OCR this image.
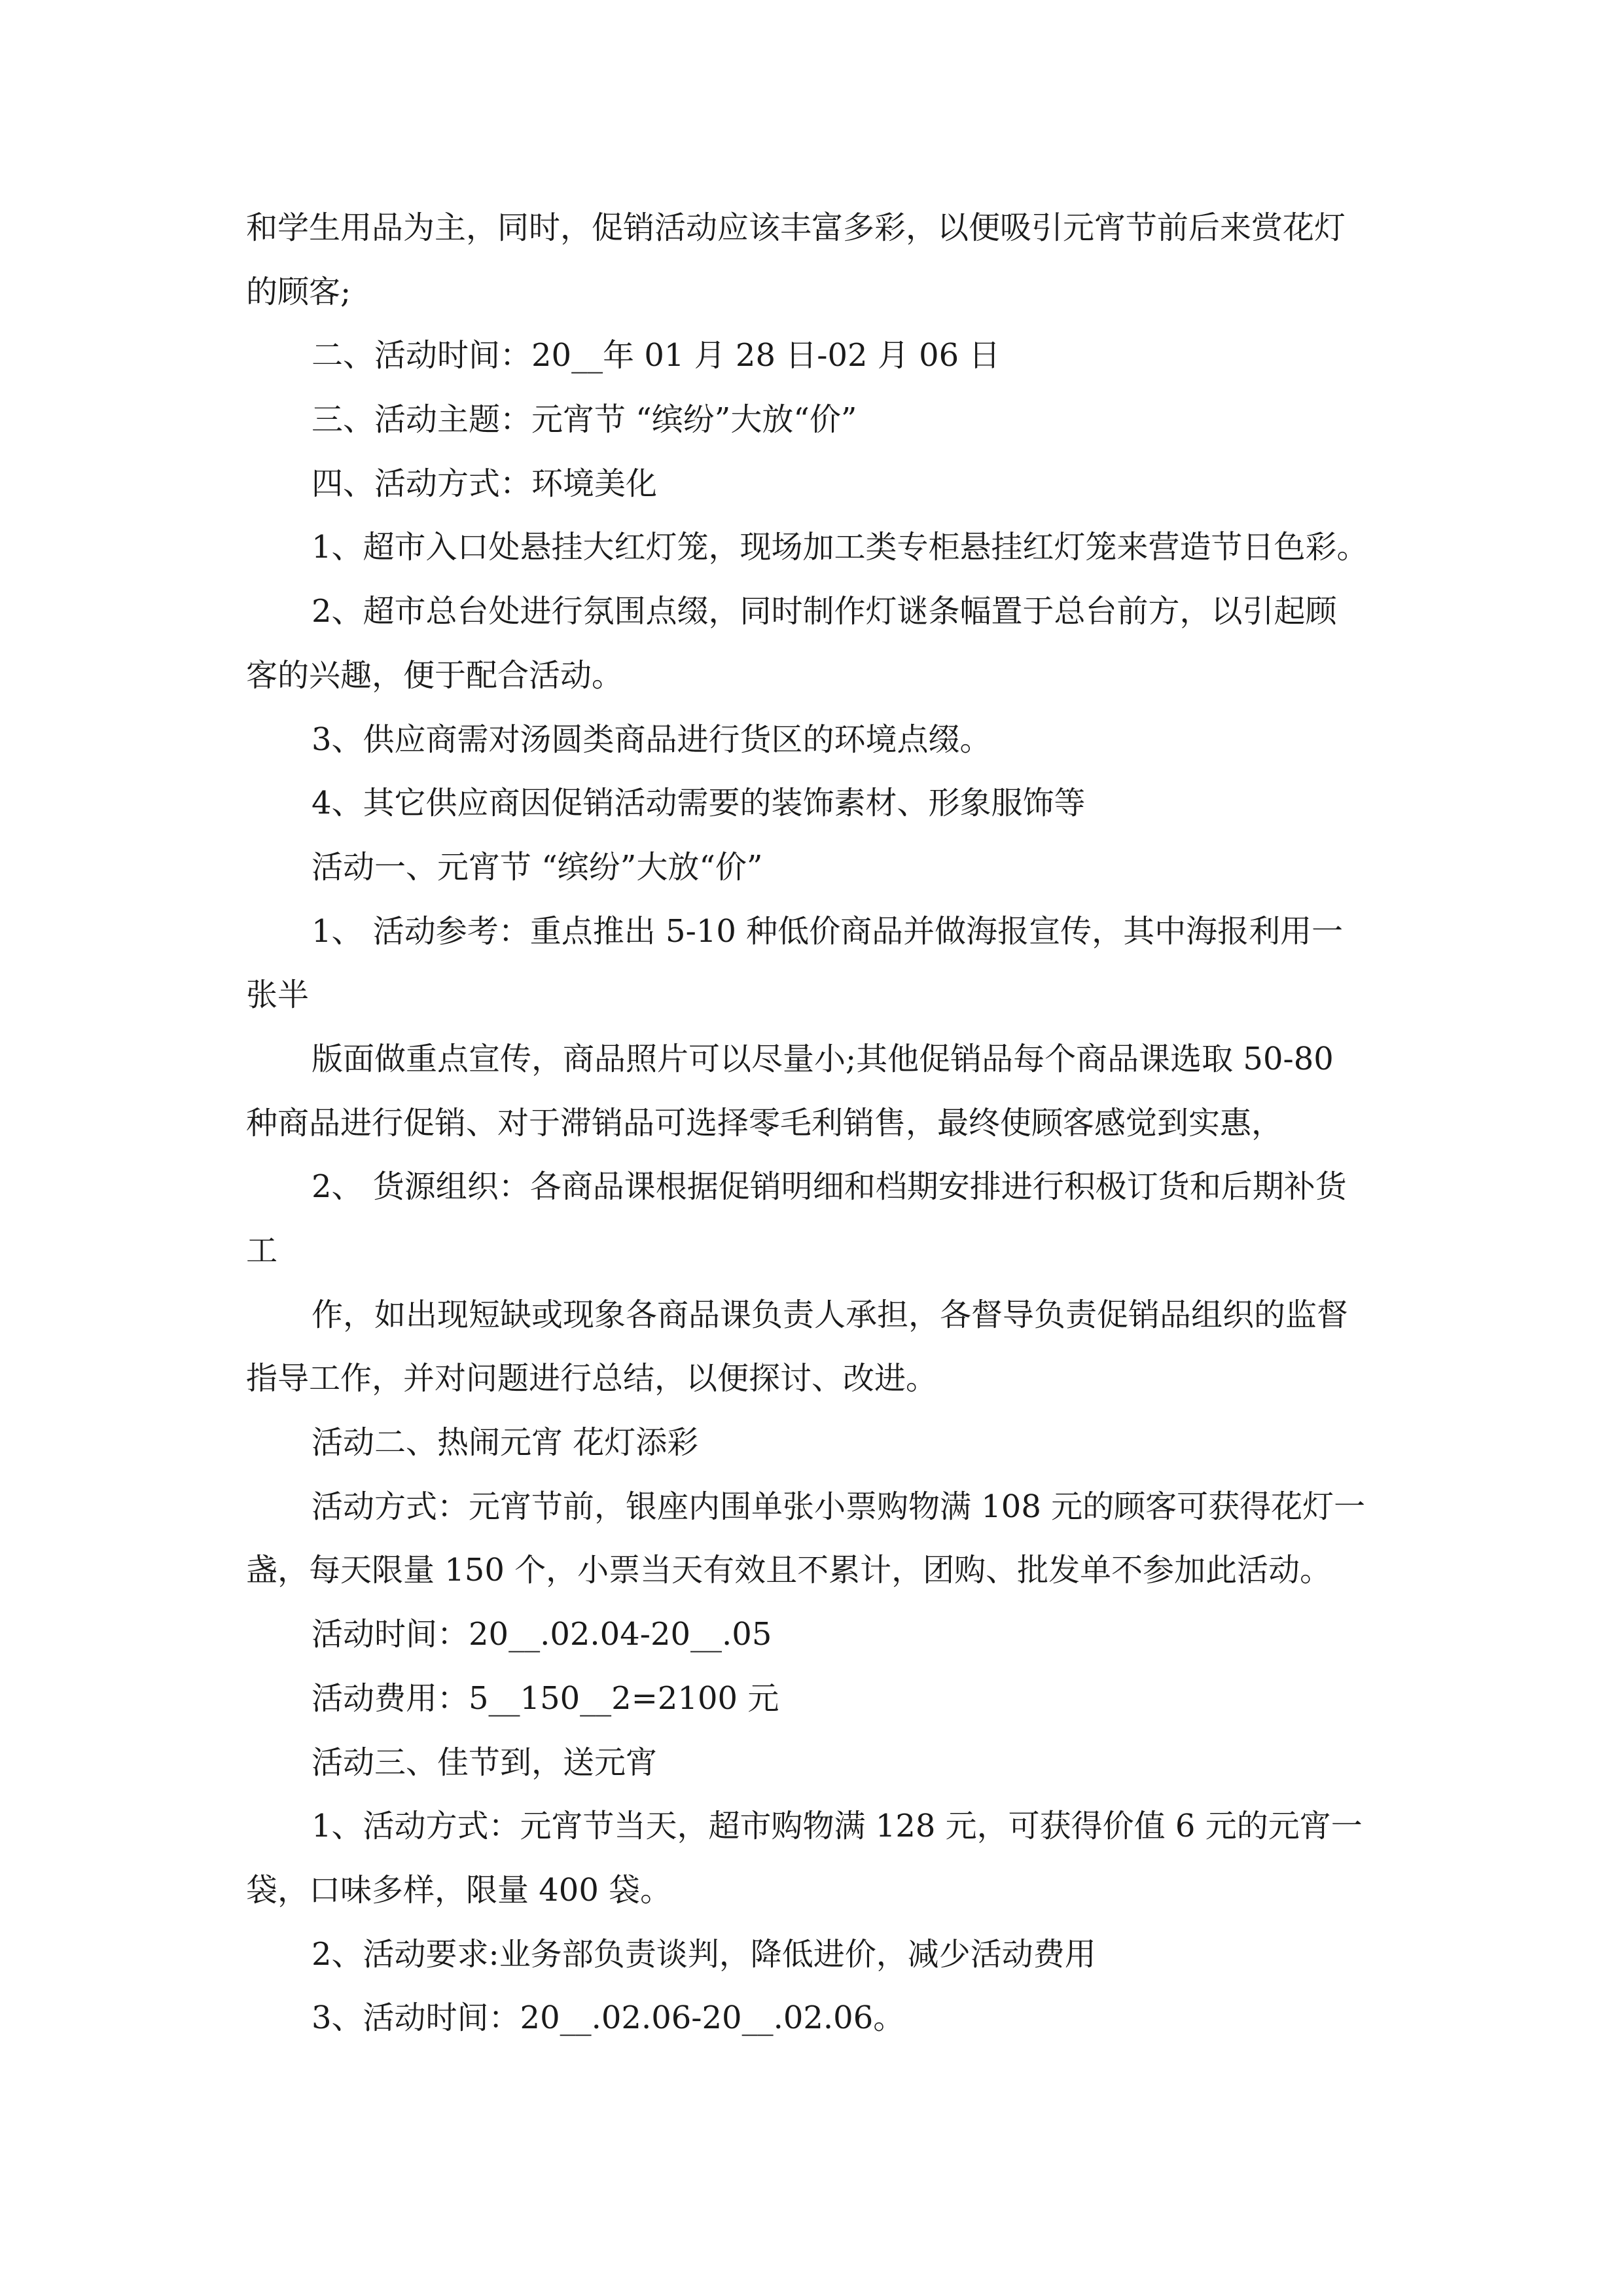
和学生用品为主，同时，促销活动应该丰富多彩，以便吸引元宵节前后来赏花灯
的顾客;
二、活动时间：20__年 01 月 28 日-02 月 06 日
三、活动主题：元宵节 “缤纷”大放“价”
四、活动方式：环境美化
1、超市入口处悬挂大红灯笼，现场加工类专柜悬挂红灯笼来营造节日色彩。
2、超市总台处进行氛围点缀，同时制作灯谜条幅置于总台前方，以引起顾
客的兴趣，便于配合活动。
3、供应商需对汤圆类商品进行货区的环境点缀。
4、其它供应商因促销活动需要的装饰素材、形象服饰等
活动一、元宵节 “缤纷”大放“价”
1、 活动参考：重点推出 5-10 种低价商品并做海报宣传，其中海报利用一
张半
版面做重点宣传，商品照片可以尽量小;其他促销品每个商品课选取 50-80
种商品进行促销、对于滞销品可选择零毛利销售，最终使顾客感觉到实惠，
2、 货源组织：各商品课根据促销明细和档期安排进行积极订货和后期补货
工
作，如出现短缺或现象各商品课负责人承担，各督导负责促销品组织的监督
指导工作，并对问题进行总结，以便探讨、改进。
活动二、热闹元宵 花灯添彩
活动方式：元宵节前，银座内围单张小票购物满 108 元的顾客可获得花灯一
盏，每天限量 150 个，小票当天有效且不累计，团购、批发单不参加此活动。
活动时间：20__.02.04-20__.05
活动费用：5__150__2=2100 元
活动三、佳节到，送元宵
1、活动方式：元宵节当天，超市购物满 128 元，可获得价值 6 元的元宵一
袋，口味多样，限量 400 袋。
2、活动要求:业务部负责谈判，降低进价，减少活动费用
3、活动时间：20__.02.06-20__.02.06。
